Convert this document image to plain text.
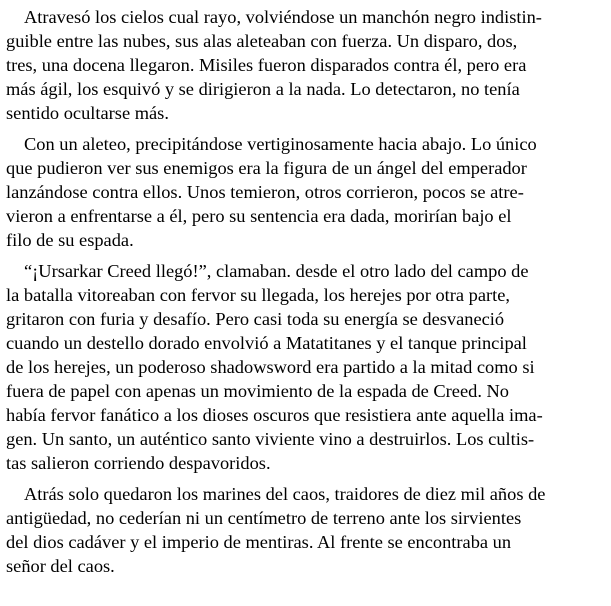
Atravesó los cielos cual rayo, volviéndose un manchón negro indistin-
guible entre las nubes, sus alas aleteaban con fuerza. Un disparo, dos,
tres, una docena llegaron. Misiles fueron disparados contra él, pero era
más ágil, los esquivó y se dirigieron a la nada. Lo detectaron, no tenía
sentido ocultarse más.
Con un aleteo, precipitándose vertiginosamente hacia abajo. Lo único
que pudieron ver sus enemigos era la figura de un ángel del emperador
lanzándose contra ellos. Unos temieron, otros corrieron, pocos se atre-
vieron a enfrentarse a él, pero su sentencia era dada, morirían bajo el
filo de su espada.
“¡Ursarkar Creed llegó!”, clamaban. desde el otro lado del campo de
la batalla vitoreaban con fervor su llegada, los herejes por otra parte,
gritaron con furia y desafío. Pero casi toda su energía se desvaneció
cuando un destello dorado envolvió a Matatitanes y el tanque principal
de los herejes, un poderoso shadowsword era partido a la mitad como si
fuera de papel con apenas un movimiento de la espada de Creed. No
había fervor fanático a los dioses oscuros que resistiera ante aquella ima-
gen. Un santo, un auténtico santo viviente vino a destruirlos. Los cultis-
tas salieron corriendo despavoridos.
Atrás solo quedaron los marines del caos, traidores de diez mil años de
antigüedad, no cederían ni un centímetro de terreno ante los sirvientes
del dios cadáver y el imperio de mentiras. Al frente se encontraba un
señor del caos.
